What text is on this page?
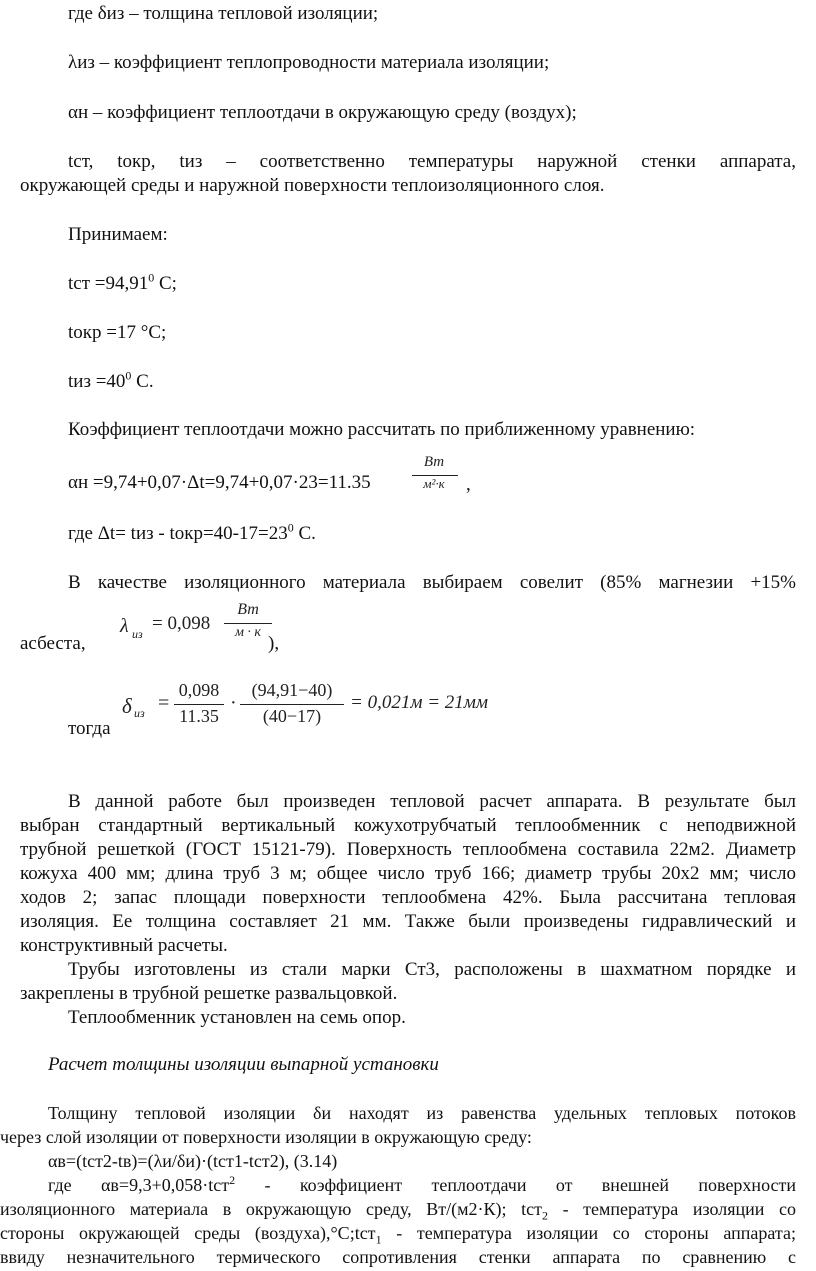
где δиз – толщина тепловой изоляции;
λиз – коэффициент теплопроводности материала изоляции;
αн – коэффициент теплоотдачи в окружающую среду (воздух);
tст, tокр, tиз – соответственно температуры наружной стенки аппарата,
окружающей среды и наружной поверхности теплоизоляционного слоя.
Принимаем:
tст $=94,91^0$ С;
tокр =17 °С;
tиз $=40^0$ С.
Коэффициент теплоотдачи можно рассчитать по приближенному уравнению:
αн =9,74+0,07·Δt=9,74+0,07·23=11.35
Вт
м²·к	,
где Δt= tиз - $tокр=40-17=23^0$ С.
В качестве изоляционного материала выбираем совелит (85% магнезии +15%
асбеста,
λ из = 0,098
Вт
м · к
),
тогда
δ из =
0,098
11.35
·
(94,91−40)
(40−17)
= 0,021м = 21мм
В данной работе был произведен тепловой расчет аппарата. В результате был
выбран стандартный вертикальный кожухотрубчатый теплообменник с неподвижной
трубной решеткой (ГОСТ 15121-79). Поверхность теплообмена составила 22м2. Диаметр
кожуха 400 мм; длина труб 3 м; общее число труб 166; диаметр трубы 20х2 мм; число
ходов 2; запас площади поверхности теплообмена 42%. Была рассчитана тепловая
изоляция. Ее толщина составляет 21 мм. Также были произведены гидравлический и
конструктивный расчеты.
Трубы изготовлены из стали марки Ст3, расположены в шахматном порядке и
закреплены в трубной решетке развальцовкой.
Теплообменник установлен на семь опор.
Расчет толщины изоляции выпарной установки
Толщину тепловой изоляции δи находят из равенства удельных тепловых потоков
через слой изоляции от поверхности изоляции в окружающую среду:
αв=(tст2-tв)=(λи/δи)·(tст1-tст2), (3.14)
где αв=9,3+0,058·tст$^2$ - коэффициент теплоотдачи от внешней поверхности
изоляционного материала в окружающую среду, Вт/(м2·К); tст$_2$ - температура изоляции со
стороны окружающей среды (воздуха),°С;tст$_1$ - температура изоляции со стороны аппарата;
ввиду незначительного термического сопротивления стенки аппарата по сравнению с
